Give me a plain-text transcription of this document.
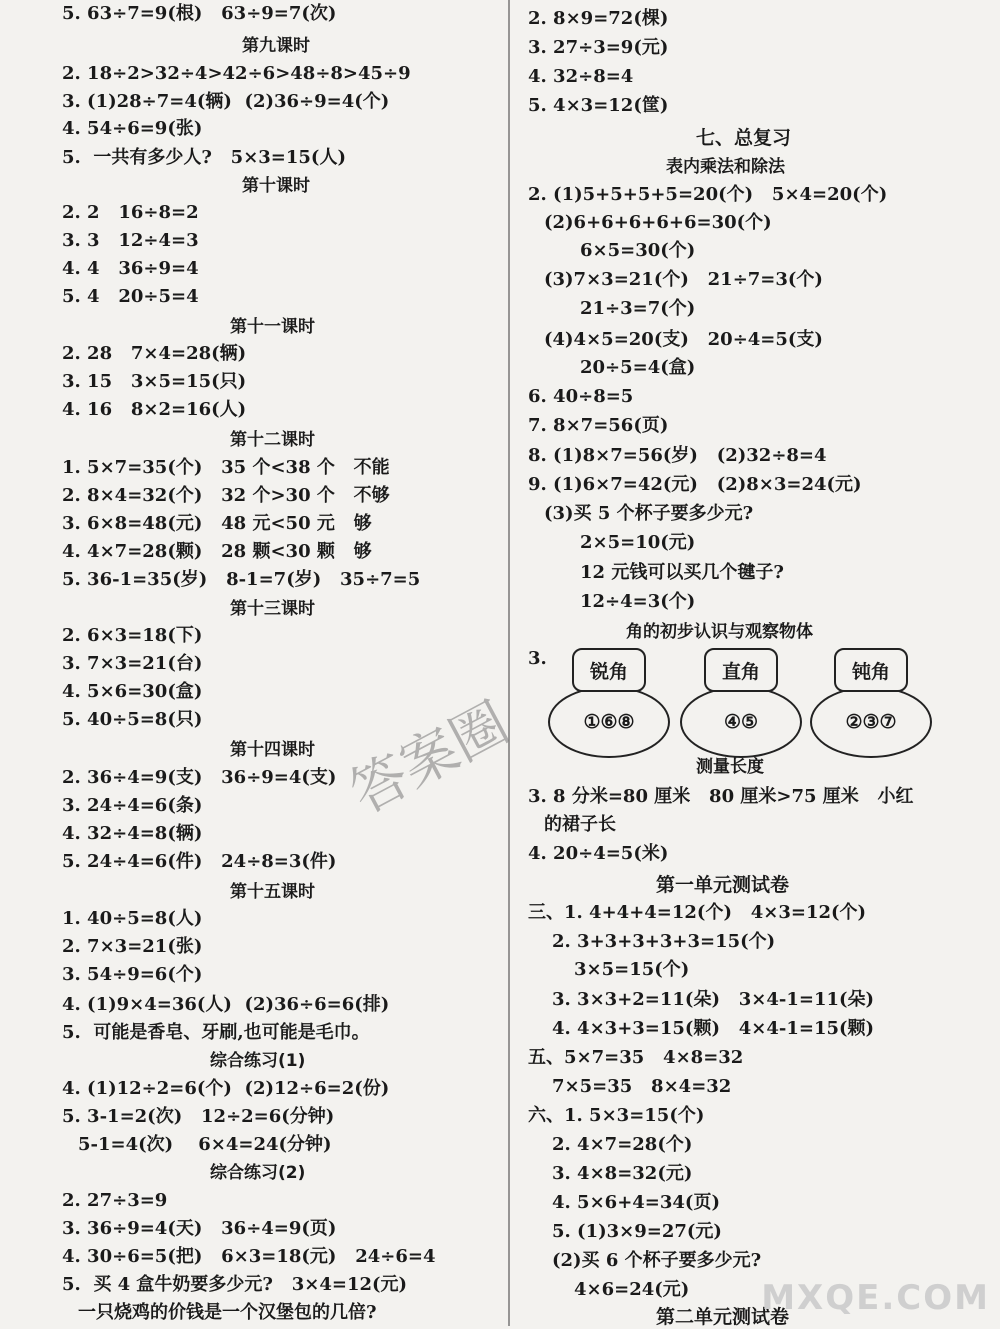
5. 63÷7=9(根)   63÷9=7(次)
第九课时
2. 18÷2>32÷4>42÷6>48÷8>45÷9
3. (1)28÷7=4(辆)  (2)36÷9=4(个)
4. 54÷6=9(张)
5.  一共有多少人?   5×3=15(人)
第十课时
2. 2   16÷8=2
3. 3   12÷4=3
4. 4   36÷9=4
5. 4   20÷5=4
第十一课时
2. 28   7×4=28(辆)
3. 15   3×5=15(只)
4. 16   8×2=16(人)
第十二课时
1. 5×7=35(个)   35 个<38 个   不能
2. 8×4=32(个)   32 个>30 个   不够
3. 6×8=48(元)   48 元<50 元   够
4. 4×7=28(颗)   28 颗<30 颗   够
5. 36-1=35(岁)   8-1=7(岁)   35÷7=5
第十三课时
2. 6×3=18(下)
3. 7×3=21(台)
4. 5×6=30(盒)
5. 40÷5=8(只)
第十四课时
2. 36÷4=9(支)   36÷9=4(支)
3. 24÷4=6(条)
4. 32÷4=8(辆)
5. 24÷4=6(件)   24÷8=3(件)
第十五课时
1. 40÷5=8(人)
2. 7×3=21(张)
3. 54÷9=6(个)
4. (1)9×4=36(人)  (2)36÷6=6(排)
5.  可能是香皂、牙刷,也可能是毛巾。
综合练习(1)
4. (1)12÷2=6(个)  (2)12÷6=2(份)
5. 3-1=2(次)   12÷2=6(分钟)
5-1=4(次)    6×4=24(分钟)
综合练习(2)
2. 27÷3=9
3. 36÷9=4(天)   36÷4=9(页)
4. 30÷6=5(把)   6×3=18(元)   24÷6=4
5.  买 4 盒牛奶要多少元?   3×4=12(元)
一只烧鸡的价钱是一个汉堡包的几倍?
2. 8×9=72(棵)
3. 27÷3=9(元)
4. 32÷8=4
5. 4×3=12(筐)
七、总复习
表内乘法和除法
2. (1)5+5+5+5=20(个)   5×4=20(个)
(2)6+6+6+6+6=30(个)
6×5=30(个)
(3)7×3=21(个)   21÷7=3(个)
21÷3=7(个)
(4)4×5=20(支)   20÷4=5(支)
20÷5=4(盒)
6. 40÷8=5
7. 8×7=56(页)
8. (1)8×7=56(岁)   (2)32÷8=4
9. (1)6×7=42(元)   (2)8×3=24(元)
(3)买 5 个杯子要多少元?
2×5=10(元)
12 元钱可以买几个毽子?
12÷4=3(个)
角的初步认识与观察物体
3.
测量长度
3. 8 分米=80 厘米   80 厘米>75 厘米   小红
的裙子长
4. 20÷4=5(米)
第一单元测试卷
三、1. 4+4+4=12(个)   4×3=12(个)
2. 3+3+3+3+3=15(个)
3×5=15(个)
3. 3×3+2=11(朵)   3×4-1=11(朵)
4. 4×3+3=15(颗)   4×4-1=15(颗)
五、5×7=35   4×8=32
7×5=35   8×4=32
六、1. 5×3=15(个)
2. 4×7=28(个)
3. 4×8=32(元)
4. 5×6+4=34(页)
5. (1)3×9=27(元)
(2)买 6 个杯子要多少元?
4×6=24(元)
第二单元测试卷
①⑥⑧
锐角
④⑤
直角
②③⑦
钝角
答案圈
MXQE.COM
